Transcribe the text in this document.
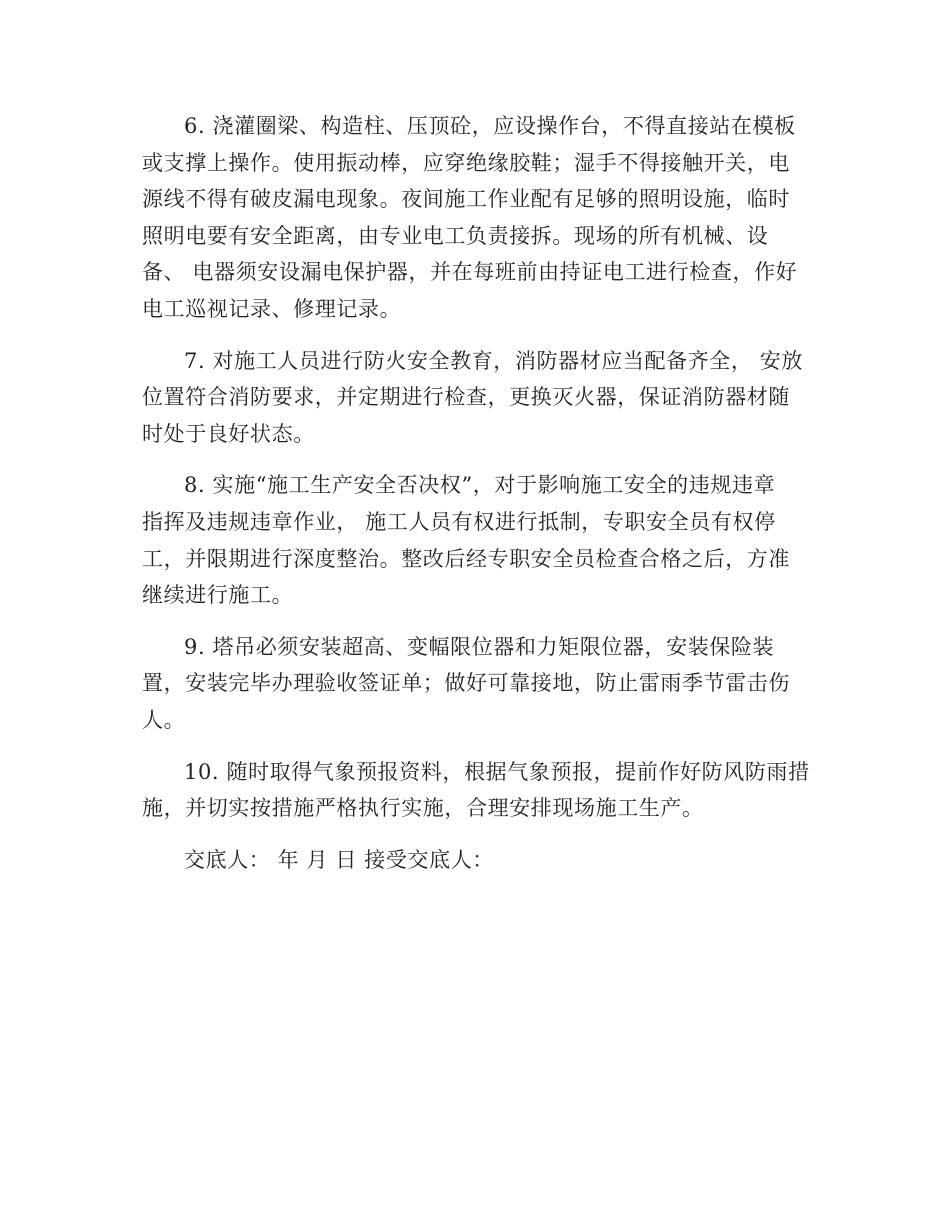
6. 浇灌圈梁、构造柱、压顶砼，应设操作台，不得直接站在模板
或支撑上操作。使用振动棒，应穿绝缘胶鞋；湿手不得接触开关，电
源线不得有破皮漏电现象。夜间施工作业配有足够的照明设施，临时
照明电要有安全距离，由专业电工负责接拆。现场的所有机械、设
备、 电器须安设漏电保护器，并在每班前由持证电工进行检查，作好
电工巡视记录、修理记录。

7. 对施工人员进行防火安全教育，消防器材应当配备齐全， 安放
位置符合消防要求，并定期进行检查，更换灭火器，保证消防器材随
时处于良好状态。

8. 实施“施工生产安全否决权”，对于影响施工安全的违规违章
指挥及违规违章作业， 施工人员有权进行抵制，专职安全员有权停
工，并限期进行深度整治。整改后经专职安全员检查合格之后，方准
继续进行施工。

9. 塔吊必须安装超高、变幅限位器和力矩限位器，安装保险装
置，安装完毕办理验收签证单；做好可靠接地，防止雷雨季节雷击伤
人。

10. 随时取得气象预报资料，根据气象预报，提前作好防风防雨措
施，并切实按措施严格执行实施，合理安排现场施工生产。

交底人： 年 月 日 接受交底人：
